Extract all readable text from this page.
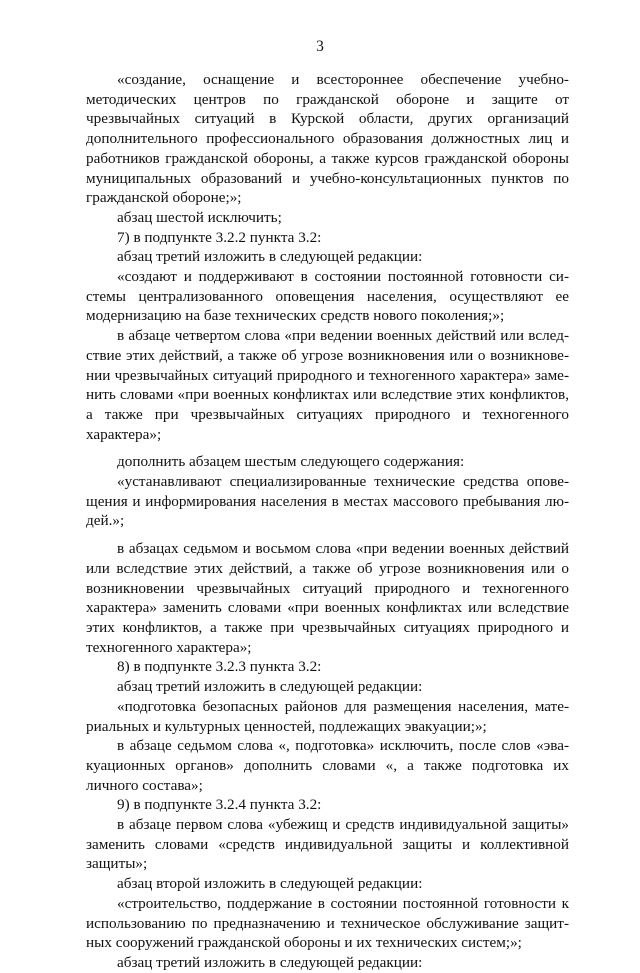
3

«создание, оснащение и всестороннее обеспечение учебно-методических центров по гражданской обороне и защите от чрезвычайных ситуаций в Курской области, других организаций дополнительного профессионального образования должностных лиц и работников гражданской обороны, а также курсов гражданской обороны муниципальных образований и учебно-консультационных пунктов по гражданской обороне;»;

абзац шестой исключить;

7) в подпункте 3.2.2 пункта 3.2:

абзац третий изложить в следующей редакции:

«создают и поддерживают в состоянии постоянной готовности системы централизованного оповещения населения, осуществляют ее модернизацию на базе технических средств нового поколения;»;

в абзаце четвертом слова «при ведении военных действий или вследствие этих действий, а также об угрозе возникновения или о возникновении чрезвычайных ситуаций природного и техногенного характера» заменить словами «при военных конфликтах или вследствие этих конфликтов, а также при чрезвычайных ситуациях природного и техногенного характера»;

дополнить абзацем шестым следующего содержания:

«устанавливают специализированные технические средства оповещения и информирования населения в местах массового пребывания людей.»;

в абзацах седьмом и восьмом слова «при ведении военных действий или вследствие этих действий, а также об угрозе возникновения или о возникновении чрезвычайных ситуаций природного и техногенного характера» заменить словами «при военных конфликтах или вследствие этих конфликтов, а также при чрезвычайных ситуациях природного и техногенного характера»;

8) в подпункте 3.2.3 пункта 3.2:

абзац третий изложить в следующей редакции:

«подготовка безопасных районов для размещения населения, материальных и культурных ценностей, подлежащих эвакуации;»;

в абзаце седьмом слова «, подготовка» исключить, после слов «эвакуационных органов» дополнить словами «, а также подготовка их личного состава»;

9) в подпункте 3.2.4 пункта 3.2:

в абзаце первом слова «убежищ и средств индивидуальной защиты» заменить словами «средств индивидуальной защиты и коллективной защиты»;

абзац второй изложить в следующей редакции:

«строительство, поддержание в состоянии постоянной готовности к использованию по предназначению и техническое обслуживание защитных сооружений гражданской обороны и их технических систем;»;

абзац третий изложить в следующей редакции:
